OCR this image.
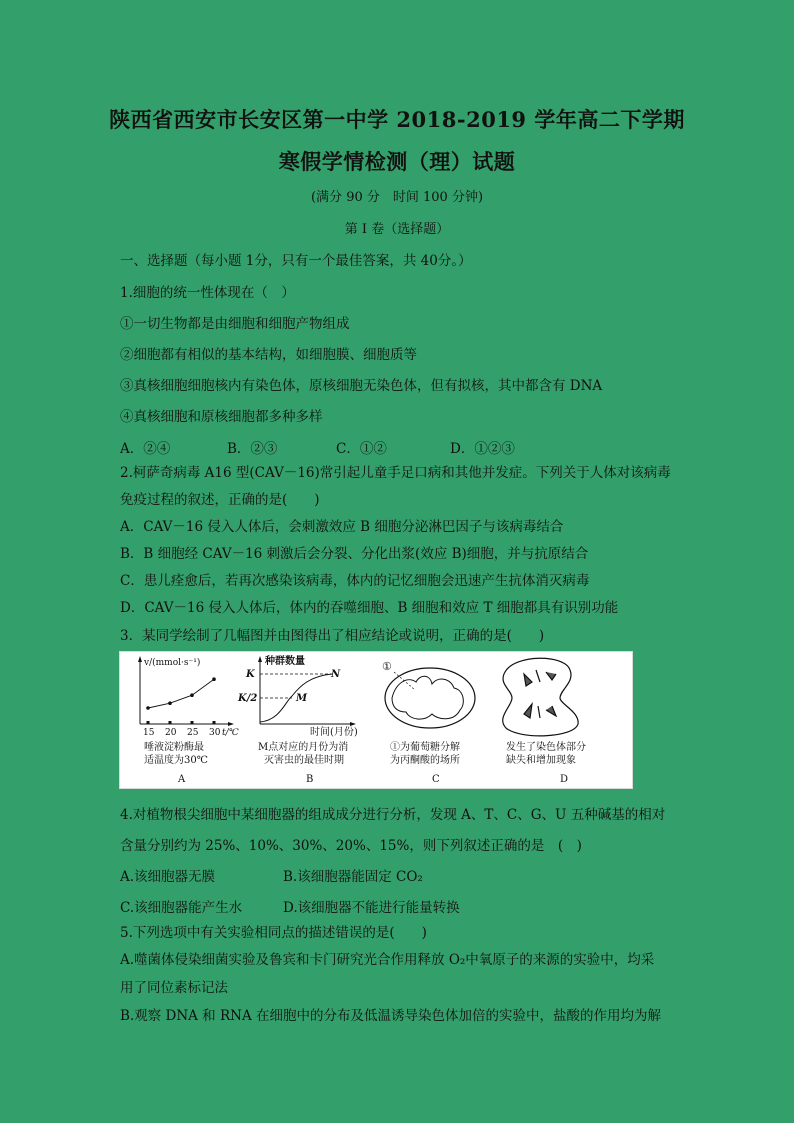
陕西省西安市长安区第一中学 2018-2019 学年高二下学期
寒假学情检测（理）试题
(满分 90 分　时间 100 分钟)
第 I 卷（选择题）
一、选择题（每小题 1分，只有一个最佳答案，共 40分。）
1.细胞的统一性体现在（　）
①一切生物都是由细胞和细胞产物组成
②细胞都有相似的基本结构，如细胞膜、细胞质等
③真核细胞细胞核内有染色体，原核细胞无染色体，但有拟核，其中都含有 DNA
④真核细胞和原核细胞都多种多样
A．②④	B．②③	C．①②	D．①②③
2.柯萨奇病毒 A16 型(CAV－16)常引起儿童手足口病和其他并发症。下列关于人体对该病毒
免疫过程的叙述，正确的是(　　)
A．CAV－16 侵入人体后，会刺激效应 B 细胞分泌淋巴因子与该病毒结合
B．B 细胞经 CAV－16 刺激后会分裂、分化出浆(效应 B)细胞，并与抗原结合
C．患儿痊愈后，若再次感染该病毒，体内的记忆细胞会迅速产生抗体消灭病毒
D．CAV－16 侵入人体后，体内的吞噬细胞、B 细胞和效应 T 细胞都具有识别功能
3．某同学绘制了几幅图并由图得出了相应结论或说明，正确的是(　　)
v/(mmol·s⁻¹)
15 20 25 30 t/℃
唾液淀粉酶最
适温度为30℃
A
种群数量
K
K/2
N
M
时间(月份)
M点对应的月份为消
灭害虫的最佳时期
B
①
①为葡萄糖分解
为丙酮酸的场所
C
发生了染色体部分
缺失和增加现象
D
4.对植物根尖细胞中某细胞器的组成成分进行分析，发现 A、T、C、G、U 五种碱基的相对
含量分别约为 25%、10%、30%、20%、15%，则下列叙述正确的是　(　)
A.该细胞器无膜	B.该细胞器能固定 CO₂
C.该细胞器能产生水	D.该细胞器不能进行能量转换
5.下列选项中有关实验相同点的描述错误的是(　　)
A.噬菌体侵染细菌实验及鲁宾和卡门研究光合作用释放 O₂中氧原子的来源的实验中，均采
用了同位素标记法
B.观察 DNA 和 RNA 在细胞中的分布及低温诱导染色体加倍的实验中，盐酸的作用均为解
